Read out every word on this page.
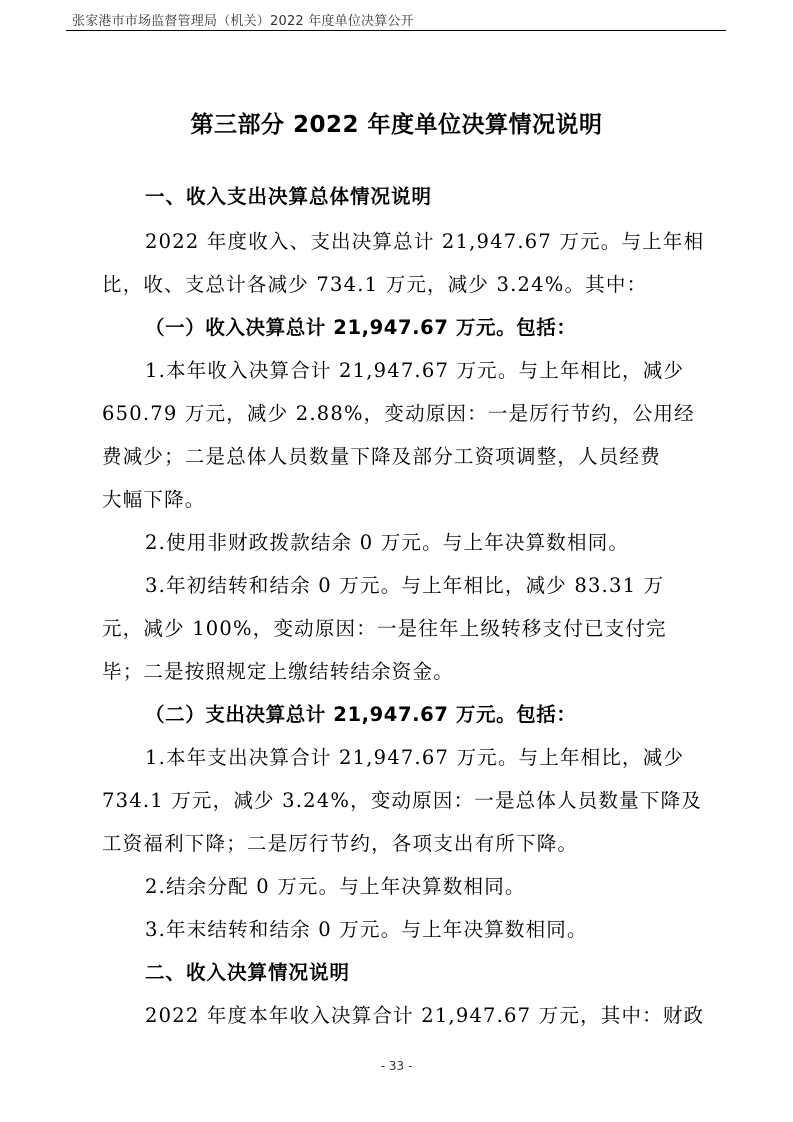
张家港市市场监督管理局（机关）2022 年度单位决算公开
第三部分 2022 年度单位决算情况说明
一、收入支出决算总体情况说明
2022 年度收入、支出决算总计 21,947.67 万元。与上年相
比，收、支总计各减少 734.1 万元，减少 3.24%。其中：
（一）收入决算总计 21,947.67 万元。包括：
1.本年收入决算合计 21,947.67 万元。与上年相比，减少
650.79 万元，减少 2.88%，变动原因：一是厉行节约，公用经
费减少；二是总体人员数量下降及部分工资项调整，人员经费
大幅下降。
2.使用非财政拨款结余 0 万元。与上年决算数相同。
3.年初结转和结余 0 万元。与上年相比，减少 83.31 万
元，减少 100%，变动原因：一是往年上级转移支付已支付完
毕；二是按照规定上缴结转结余资金。
（二）支出决算总计 21,947.67 万元。包括：
1.本年支出决算合计 21,947.67 万元。与上年相比，减少
734.1 万元，减少 3.24%，变动原因：一是总体人员数量下降及
工资福利下降；二是厉行节约，各项支出有所下降。
2.结余分配 0 万元。与上年决算数相同。
3.年末结转和结余 0 万元。与上年决算数相同。
二、收入决算情况说明
2022 年度本年收入决算合计 21,947.67 万元，其中：财政
- 33 -
